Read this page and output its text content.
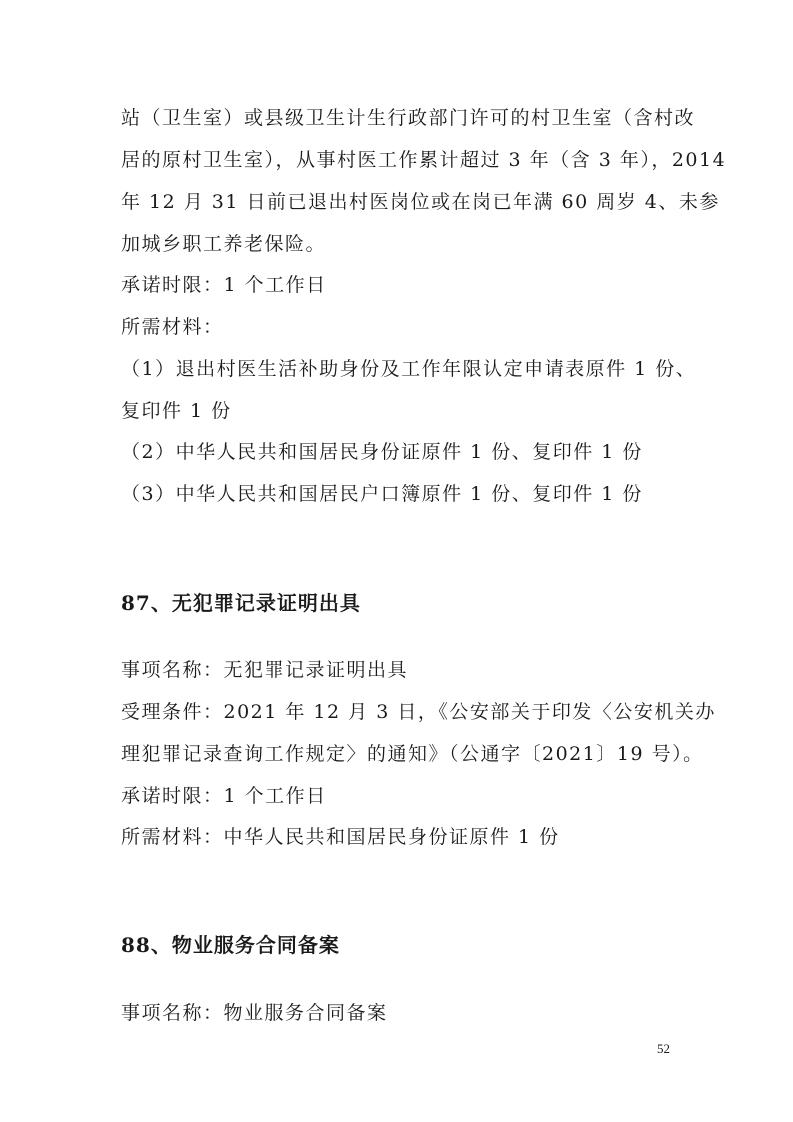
站（卫生室）或县级卫生计生行政部门许可的村卫生室（含村改
居的原村卫生室），从事村医工作累计超过 3 年（含 3 年），2014
年 12 月 31 日前已退出村医岗位或在岗已年满 60 周岁 4、未参
加城乡职工养老保险。
承诺时限：1 个工作日
所需材料：
（1）退出村医生活补助身份及工作年限认定申请表原件 1 份、
复印件 1 份
（2）中华人民共和国居民身份证原件 1 份、复印件 1 份
（3）中华人民共和国居民户口簿原件 1 份、复印件 1 份
87、无犯罪记录证明出具
事项名称：无犯罪记录证明出具
受理条件：2021 年 12 月 3 日，《公安部关于印发〈公安机关办
理犯罪记录查询工作规定〉的通知》（公通字〔2021〕19 号）。
承诺时限：1 个工作日
所需材料：中华人民共和国居民身份证原件 1 份
88、物业服务合同备案
事项名称：物业服务合同备案
52
